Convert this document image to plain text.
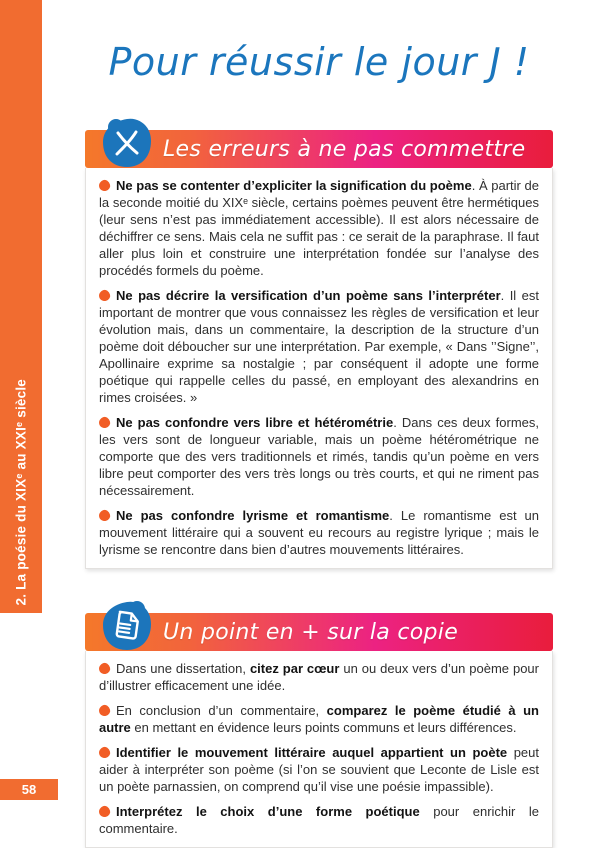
2. La poésie du XIXᵉ au XXIᵉ siècle
58
Pour réussir le jour J !
Les erreurs à ne pas commettre

Ne pas se contenter d’expliciter la signification du poème. À partir de la seconde moitié du XIXᵉ siècle, certains poèmes peuvent être hermétiques (leur sens n’est pas immédiatement accessible). Il est alors nécessaire de déchiffrer ce sens. Mais cela ne suffit pas : ce serait de la paraphrase. Il faut aller plus loin et construire une interprétation fondée sur l’analyse des procédés formels du poème.

Ne pas décrire la versification d’un poème sans l’interpréter. Il est important de montrer que vous connaissez les règles de versification et leur évolution mais, dans un commentaire, la description de la structure d’un poème doit déboucher sur une interprétation. Par exemple, « Dans ’’Signe’’, Apollinaire exprime sa nostalgie ; par conséquent il adopte une forme poétique qui rappelle celles du passé, en employant des alexandrins en rimes croisées. »

Ne pas confondre vers libre et hétérométrie. Dans ces deux formes, les vers sont de longueur variable, mais un poème hétérométrique ne comporte que des vers traditionnels et rimés, tandis qu’un poème en vers libre peut comporter des vers très longs ou très courts, et qui ne riment pas nécessairement.

Ne pas confondre lyrisme et romantisme. Le romantisme est un mouvement littéraire qui a souvent eu recours au registre lyrique ; mais le lyrisme se rencontre dans bien d’autres mouvements littéraires.

Un point en + sur la copie

Dans une dissertation, citez par cœur un ou deux vers d’un poème pour d’illustrer efficacement une idée.

En conclusion d’un commentaire, comparez le poème étudié à un autre en mettant en évidence leurs points communs et leurs différences.

Identifier le mouvement littéraire auquel appartient un poète peut aider à interpréter son poème (si l’on se souvient que Leconte de Lisle est un poète parnassien, on comprend qu’il vise une poésie impassible).

Interprétez le choix d’une forme poétique pour enrichir le commentaire.
